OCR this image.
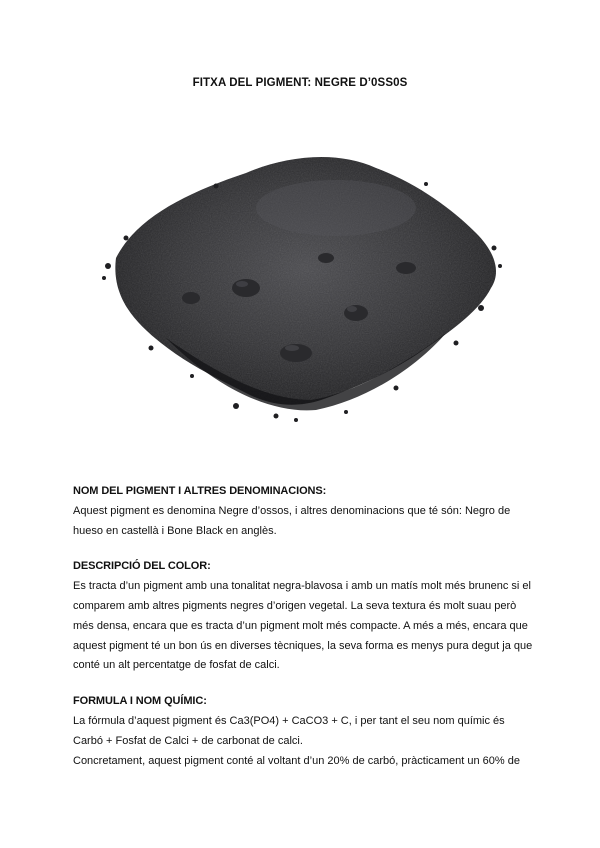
FITXA DEL PIGMENT: NEGRE D’0SS0S

NOM DEL PIGMENT I ALTRES DENOMINACIONS:

Aquest pigment es denomina Negre d’ossos, i altres denominacions que té són: Negro de hueso en castellà i Bone Black en anglès.

DESCRIPCIÓ DEL COLOR:

Es tracta d’un pigment amb una tonalitat negra-blavosa i amb un matís molt més brunenc si el comparem amb altres pigments negres d’origen vegetal. La seva textura és molt suau però més densa, encara que es tracta d’un pigment molt més compacte. A més a més, encara que aquest pigment té un bon ús en diverses tècniques, la seva forma es menys pura degut ja que conté un alt percentatge de fosfat de calci.

FORMULA I NOM QUÍMIC:

La fórmula d’aquest pigment és Ca3(PO4) + CaCO3 + C, i per tant el seu nom químic és Carbó + Fosfat de Calci + de carbonat de calci.

Concretament, aquest pigment conté al voltant d’un 20% de carbó, pràcticament un 60% de
